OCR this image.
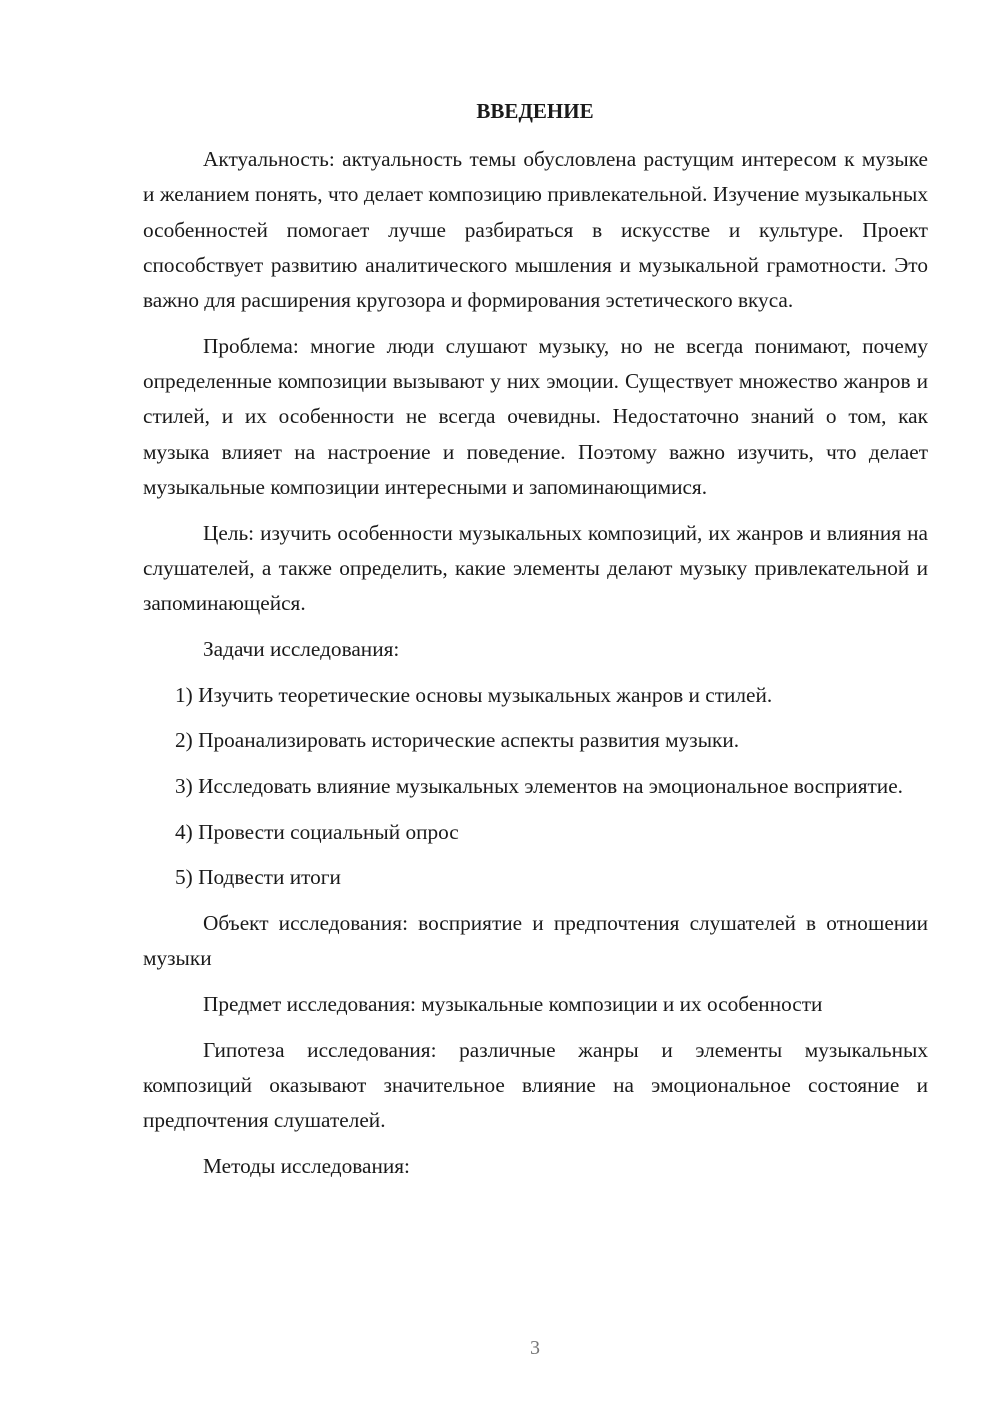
ВВЕДЕНИЕ

Актуальность: актуальность темы обусловлена растущим интересом к музыке и желанием понять, что делает композицию привлекательной. Изучение музыкальных особенностей помогает лучше разбираться в искусстве и культуре. Проект способствует развитию аналитического мышления и музыкальной грамотности. Это важно для расширения кругозора и формирования эстетического вкуса.

Проблема: многие люди слушают музыку, но не всегда понимают, почему определенные композиции вызывают у них эмоции. Существует множество жанров и стилей, и их особенности не всегда очевидны. Недостаточно знаний о том, как музыка влияет на настроение и поведение. Поэтому важно изучить, что делает музыкальные композиции интересными и запоминающимися.

Цель: изучить особенности музыкальных композиций, их жанров и влияния на слушателей, а также определить, какие элементы делают музыку привлекательной и запоминающейся.

Задачи исследования:

1) Изучить теоретические основы музыкальных жанров и стилей.

2) Проанализировать исторические аспекты развития музыки.

3) Исследовать влияние музыкальных элементов на эмоциональное восприятие.

4) Провести социальный опрос

5) Подвести итоги

Объект исследования: восприятие и предпочтения слушателей в отношении музыки

Предмет исследования: музыкальные композиции и их особенности

Гипотеза исследования: различные жанры и элементы музыкальных композиций оказывают значительное влияние на эмоциональное состояние и предпочтения слушателей.

Методы исследования:

3
